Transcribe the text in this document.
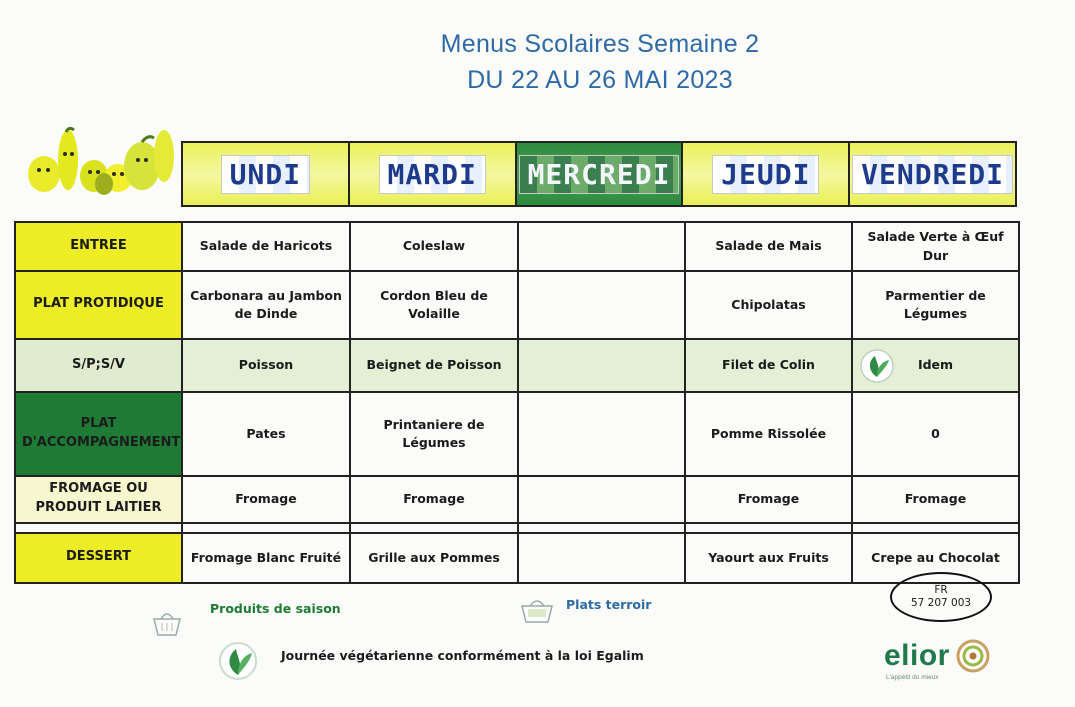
Menus Scolaires Semaine 2
DU 22 AU 26 MAI 2023
UNDI	MARDI	MERCREDI	JEUDI	VENDREDI
ENTREE	Salade de Haricots	Coleslaw		Salade de Mais	Salade Verte à Œuf Dur
PLAT PROTIDIQUE	Carbonara au Jambon de Dinde	Cordon Bleu de Volaille		Chipolatas	Parmentier de Légumes
S/P;S/V	Poisson	Beignet de Poisson		Filet de Colin	Idem
PLAT D'ACCOMPAGNEMENT	Pates	Printaniere de Légumes		Pomme Rissolée	0
FROMAGE OU PRODUIT LAITIER	Fromage	Fromage		Fromage	Fromage

DESSERT	Fromage Blanc Fruité	Grille aux Pommes		Yaourt aux Fruits	Crepe au Chocolat
Produits de saison	Plats terroir
Journée végétarienne conformément à la loi Egalim
FR
57 207 003
elior
L'appétit du mieux
